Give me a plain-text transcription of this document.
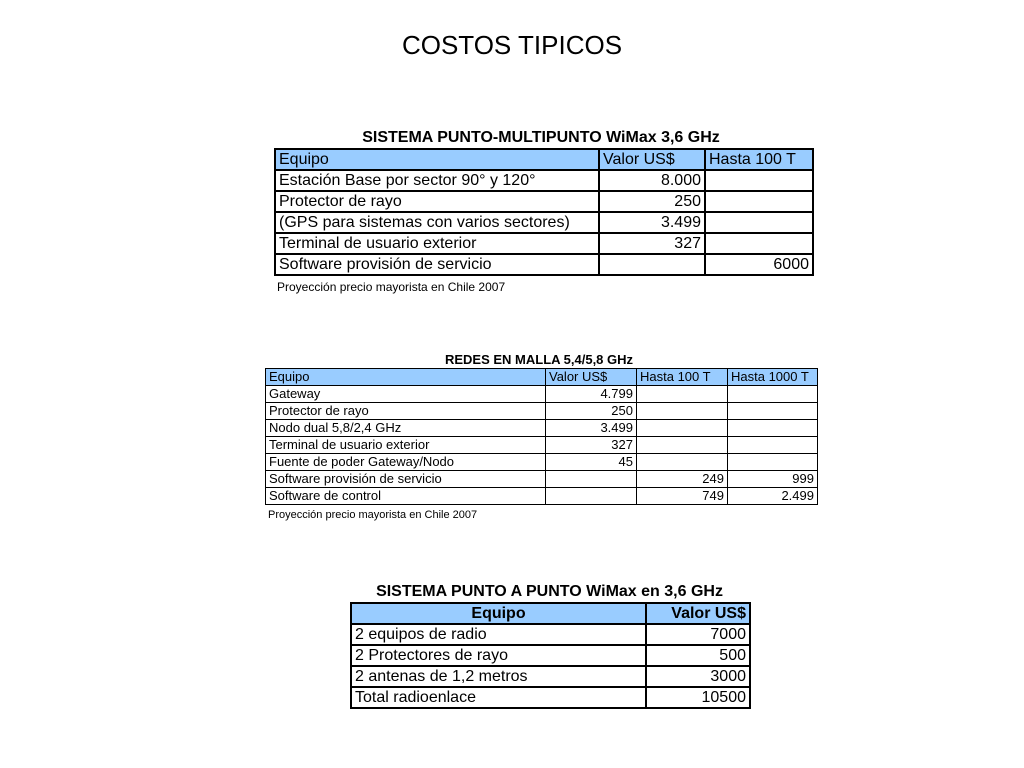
COSTOS TIPICOS
SISTEMA PUNTO-MULTIPUNTO WiMax 3,6 GHz
Equipo	Valor US$	Hasta 100 T
Estación Base por sector 90° y 120°	8.000	
Protector de rayo	250	
(GPS para sistemas con varios sectores)	3.499	
Terminal de usuario exterior	327	
Software provisión de servicio		6000
Proyección precio mayorista en Chile 2007
REDES EN MALLA 5,4/5,8 GHz
Equipo	Valor US$	Hasta 100 T	Hasta 1000 T
Gateway	4.799		
Protector de rayo	250		
Nodo dual 5,8/2,4 GHz	3.499		
Terminal de usuario exterior	327		
Fuente de poder Gateway/Nodo	45		
Software provisión de servicio		249	999
Software de control		749	2.499
Proyección precio mayorista en Chile 2007
SISTEMA PUNTO A PUNTO WiMax en 3,6 GHz
Equipo	Valor US$
2 equipos de radio	7000
2 Protectores de rayo	500
2 antenas de 1,2 metros	3000
Total radioenlace	10500
